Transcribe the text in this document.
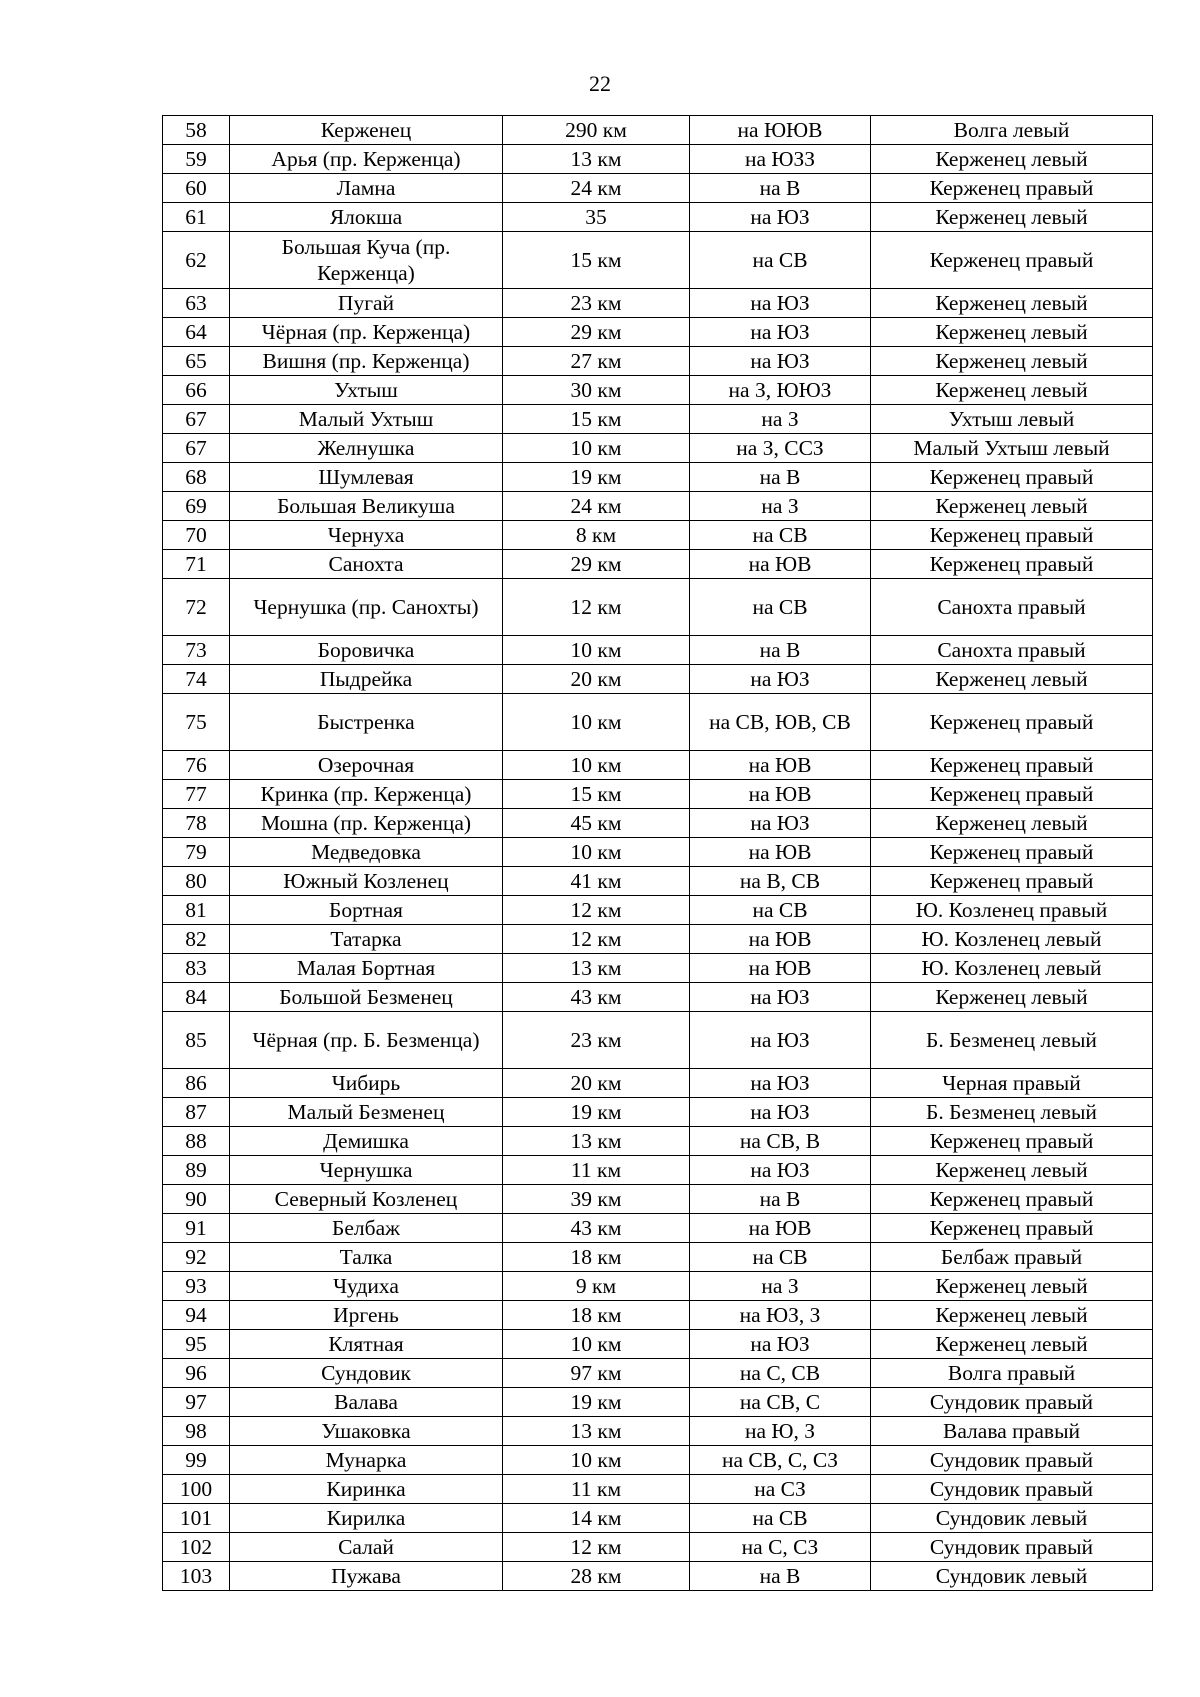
22
58	Керженец	290 км	на ЮЮВ	Волга левый
59	Арья (пр. Керженца)	13 км	на ЮЗЗ	Керженец левый
60	Ламна	24 км	на В	Керженец правый
61	Ялокша	35	на ЮЗ	Керженец левый
62	Большая Куча (пр. Керженца)	15 км	на СВ	Керженец правый
63	Пугай	23 км	на ЮЗ	Керженец левый
64	Чёрная (пр. Керженца)	29 км	на ЮЗ	Керженец левый
65	Вишня (пр. Керженца)	27 км	на ЮЗ	Керженец левый
66	Ухтыш	30 км	на З, ЮЮЗ	Керженец левый
67	Малый Ухтыш	15 км	на З	Ухтыш левый
67	Желнушка	10 км	на З, ССЗ	Малый Ухтыш левый
68	Шумлевая	19 км	на В	Керженец правый
69	Большая Великуша	24 км	на З	Керженец левый
70	Чернуха	8 км	на СВ	Керженец правый
71	Санохта	29 км	на ЮВ	Керженец правый
72	Чернушка (пр. Санохты)	12 км	на СВ	Санохта правый
73	Боровичка	10 км	на В	Санохта правый
74	Пыдрейка	20 км	на ЮЗ	Керженец левый
75	Быстренка	10 км	на СВ, ЮВ, СВ	Керженец правый
76	Озерочная	10 км	на ЮВ	Керженец правый
77	Кринка (пр. Керженца)	15 км	на ЮВ	Керженец правый
78	Мошна (пр. Керженца)	45 км	на ЮЗ	Керженец левый
79	Медведовка	10 км	на ЮВ	Керженец правый
80	Южный Козленец	41 км	на В, СВ	Керженец правый
81	Бортная	12 км	на СВ	Ю. Козленец правый
82	Татарка	12 км	на ЮВ	Ю. Козленец левый
83	Малая Бортная	13 км	на ЮВ	Ю. Козленец левый
84	Большой Безменец	43 км	на ЮЗ	Керженец левый
85	Чёрная (пр. Б. Безменца)	23 км	на ЮЗ	Б. Безменец левый
86	Чибирь	20 км	на ЮЗ	Черная правый
87	Малый Безменец	19 км	на ЮЗ	Б. Безменец левый
88	Демишка	13 км	на СВ, В	Керженец правый
89	Чернушка	11 км	на ЮЗ	Керженец левый
90	Северный Козленец	39 км	на В	Керженец правый
91	Белбаж	43 км	на ЮВ	Керженец правый
92	Талка	18 км	на СВ	Белбаж правый
93	Чудиха	9 км	на З	Керженец левый
94	Иргень	18 км	на ЮЗ, З	Керженец левый
95	Клятная	10 км	на ЮЗ	Керженец левый
96	Сундовик	97 км	на С, СВ	Волга правый
97	Валава	19 км	на СВ, С	Сундовик правый
98	Ушаковка	13 км	на Ю, З	Валава правый
99	Мунарка	10 км	на СВ, С, СЗ	Сундовик правый
100	Киринка	11 км	на СЗ	Сундовик правый
101	Кирилка	14 км	на СВ	Сундовик левый
102	Салай	12 км	на С, СЗ	Сундовик правый
103	Пужава	28 км	на В	Сундовик левый
